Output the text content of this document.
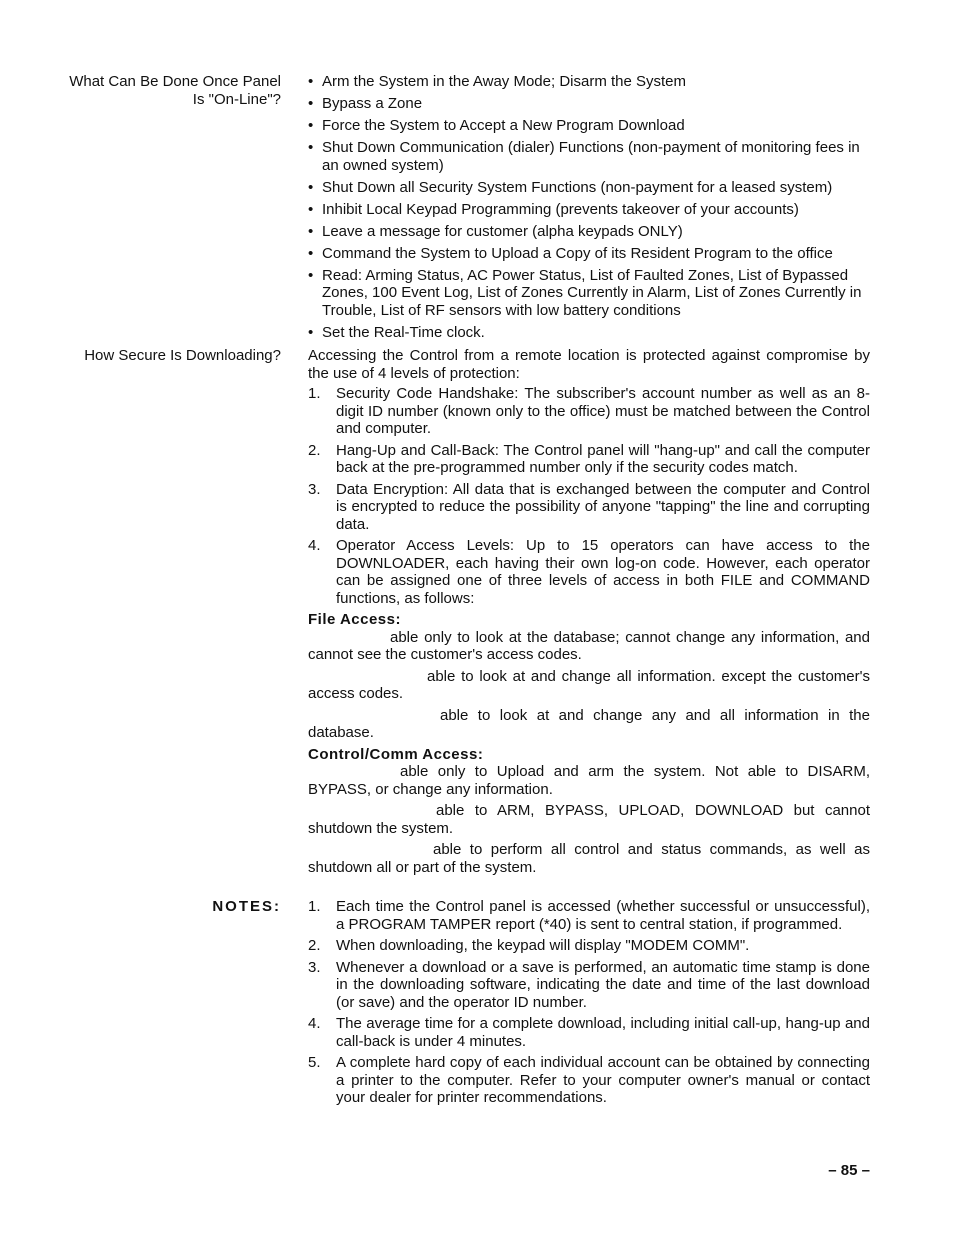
What Can Be Done Once Panel Is "On-Line"?
• Arm the System in the Away Mode; Disarm the System
• Bypass a Zone
• Force the System to Accept a New Program Download
• Shut Down Communication (dialer) Functions (non-payment of monitoring fees in an owned system)
• Shut Down all Security System Functions (non-payment for a leased system)
• Inhibit Local Keypad Programming (prevents takeover of your accounts)
• Leave a message for customer (alpha keypads ONLY)
• Command the System to Upload a Copy of its Resident Program to the office
• Read: Arming Status, AC Power Status, List of Faulted Zones, List of Bypassed Zones, 100 Event Log, List of Zones Currently in Alarm, List of Zones Currently in Trouble, List of RF sensors with low battery conditions
• Set the Real-Time clock.
How Secure Is Downloading? Accessing the Control from a remote location is protected against compromise by the use of 4 levels of protection:
1. Security Code Handshake: The subscriber's account number as well as an 8-digit ID number (known only to the office) must be matched between the Control and computer.
2. Hang-Up and Call-Back: The Control panel will "hang-up" and call the computer back at the pre-programmed number only if the security codes match.
3. Data Encryption: All data that is exchanged between the computer and Control is encrypted to reduce the possibility of anyone "tapping" the line and corrupting data.
4. Operator Access Levels: Up to 15 operators can have access to the DOWNLOADER, each having their own log-on code. However, each operator can be assigned one of three levels of access in both FILE and COMMAND functions, as follows:
File Access:
able only to look at the database; cannot change any information, and cannot see the customer's access codes.
able to look at and change all information. except the customer's access codes.
able to look at and change any and all information in the database.
Control/Comm Access:
able only to Upload and arm the system. Not able to DISARM, BYPASS, or change any information.
able to ARM, BYPASS, UPLOAD, DOWNLOAD but cannot shutdown the system.
able to perform all control and status commands, as well as shutdown all or part of the system.
NOTES: 1. Each time the Control panel is accessed (whether successful or unsuccessful), a PROGRAM TAMPER report (*40) is sent to central station, if programmed.
2. When downloading, the keypad will display "MODEM COMM".
3. Whenever a download or a save is performed, an automatic time stamp is done in the downloading software, indicating the date and time of the last download (or save) and the operator ID number.
4. The average time for a complete download, including initial call-up, hang-up and call-back is under 4 minutes.
5. A complete hard copy of each individual account can be obtained by connecting a printer to the computer. Refer to your computer owner's manual or contact your dealer for printer recommendations.
– 85 –
